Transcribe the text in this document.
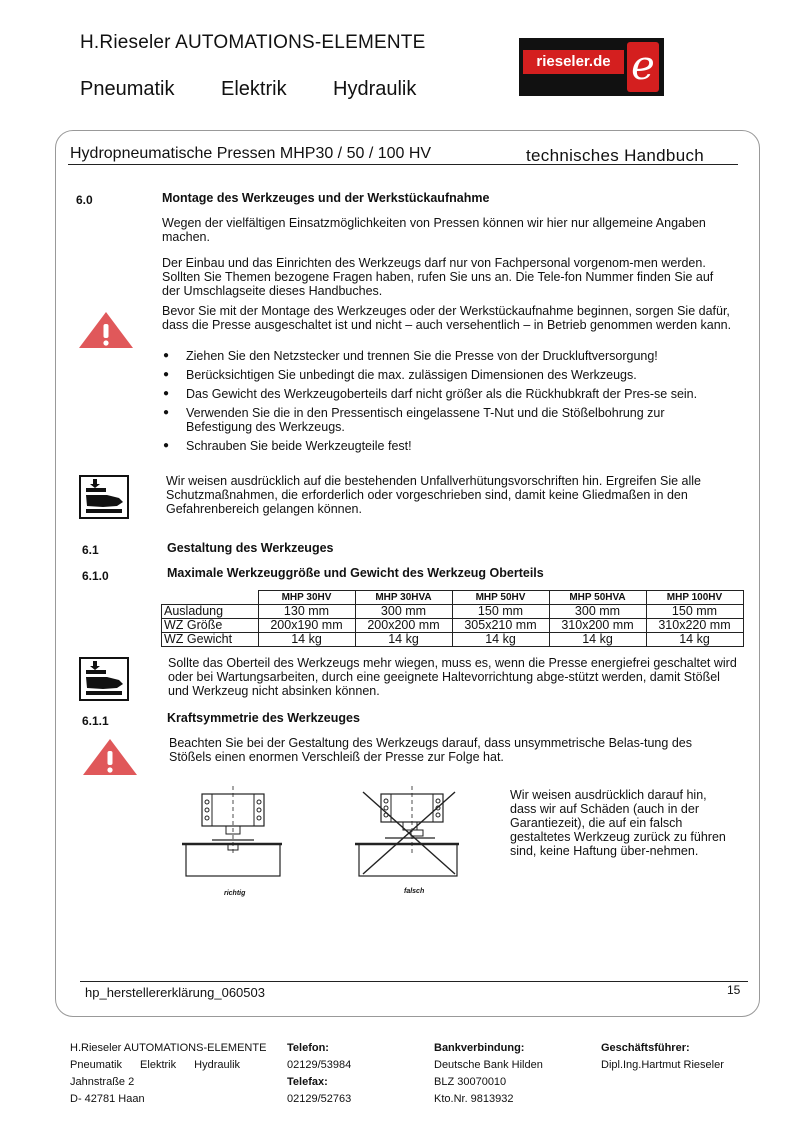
H.Rieseler AUTOMATIONS-ELEMENTE
Pneumatik Elektrik Hydraulik
rieseler.de e
Hydropneumatische Pressen MHP30 / 50 / 100 HV	technisches Handbuch
6.0	Montage des Werkzeuges und der Werkstückaufnahme
Wegen der vielfältigen Einsatzmöglichkeiten von Pressen können wir hier nur allgemeine Angaben machen.
Der Einbau und das Einrichten des Werkzeugs darf nur von Fachpersonal vorgenom-men werden. Sollten Sie Themen bezogene Fragen haben, rufen Sie uns an. Die Tele-fon Nummer finden Sie auf der Umschlagseite dieses Handbuches.
Bevor Sie mit der Montage des Werkzeuges oder der Werkstückaufnahme beginnen, sorgen Sie dafür, dass die Presse ausgeschaltet ist und nicht – auch versehentlich – in Betrieb genommen werden kann.
● Ziehen Sie den Netzstecker und trennen Sie die Presse von der Druckluftversorgung!
● Berücksichtigen Sie unbedingt die max. zulässigen Dimensionen des Werkzeugs.
● Das Gewicht des Werkzeugoberteils darf nicht größer als die Rückhubkraft der Pres-se sein.
● Verwenden Sie die in den Pressentisch eingelassene T-Nut und die Stößelbohrung zur Befestigung des Werkzeugs.
● Schrauben Sie beide Werkzeugteile fest!
Wir weisen ausdrücklich auf die bestehenden Unfallverhütungsvorschriften hin. Ergreifen Sie alle Schutzmaßnahmen, die erforderlich oder vorgeschrieben sind, damit keine Gliedmaßen in den Gefahrenbereich gelangen können.
6.1	Gestaltung des Werkzeuges
6.1.0	Maximale Werkzeuggröße und Gewicht des Werkzeug Oberteils
	MHP 30HV	MHP 30HVA	MHP 50HV	MHP 50HVA	MHP 100HV
Ausladung	130 mm	300 mm	150 mm	300 mm	150 mm
WZ Größe	200x190 mm	200x200 mm	305x210 mm	310x200 mm	310x220 mm
WZ Gewicht	14 kg	14 kg	14 kg	14 kg	14 kg
Sollte das Oberteil des Werkzeugs mehr wiegen, muss es, wenn die Presse energiefrei geschaltet wird oder bei Wartungsarbeiten, durch eine geeignete Haltevorrichtung abge-stützt werden, damit Stößel und Werkzeug nicht absinken können.
6.1.1	Kraftsymmetrie des Werkzeuges
Beachten Sie bei der Gestaltung des Werkzeugs darauf, dass unsymmetrische Belas-tung des Stößels einen enormen Verschleiß der Presse zur Folge hat.
richtig	falsch
Wir weisen ausdrücklich darauf hin, dass wir auf Schäden (auch in der Garantiezeit), die auf ein falsch gestaltetes Werkzeug zurück zu führen sind, keine Haftung über-nehmen.
hp_herstellererklärung_060503	15
H.Rieseler AUTOMATIONS-ELEMENTE
Pneumatik Elektrik Hydraulik
Jahnstraße 2
D- 42781 Haan
Telefon:
02129/53984
Telefax:
02129/52763
Bankverbindung:
Deutsche Bank Hilden
BLZ 30070010
Kto.Nr. 9813932
Geschäftsführer:
Dipl.Ing.Hartmut Rieseler
